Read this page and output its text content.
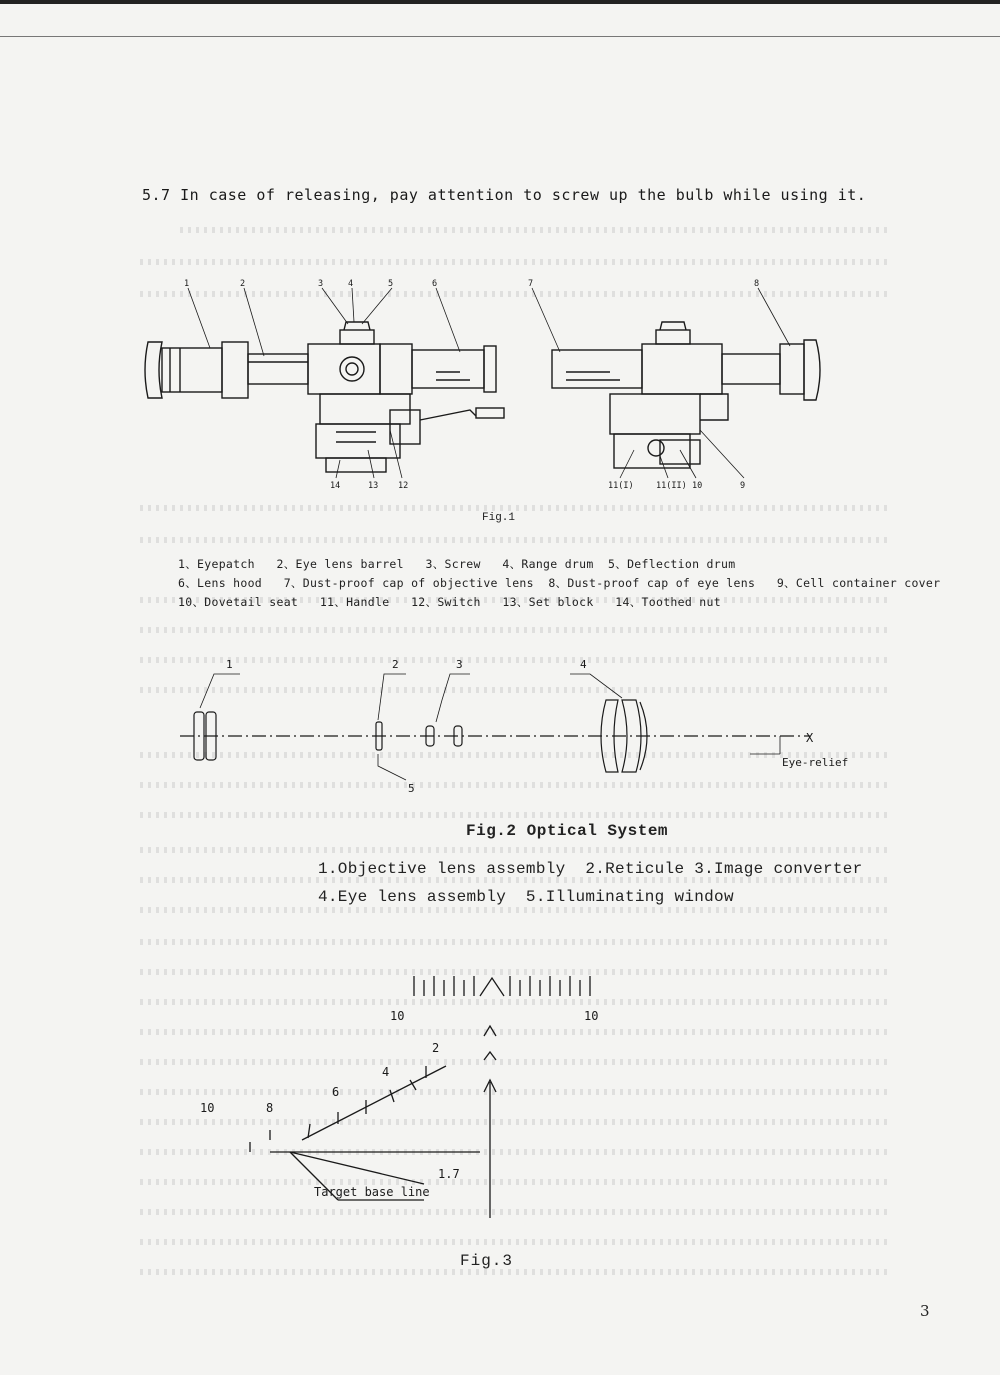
5.7 In case of releasing, pay attention to screw up the bulb while using it.
1	2	3	4	5	6	7	8
9
10
11(I)	11(II)
12
13
14
Fig.1
1、Eyepatch   2、Eye lens barrel   3、Screw   4、Range drum  5、Deflection drum
6、Lens hood   7、Dust-proof cap of objective lens  8、Dust-proof cap of eye lens   9、Cell container cover
10、Dovetail seat   11、Handle   12、Switch   13、Set block   14、Toothed nut
1	2	3	4
5
X
Eye-relief
Fig.2 Optical System
1.Objective lens assembly  2.Reticule 3.Image converter
4.Eye lens assembly  5.Illuminating window
10	10
2
4
6
8
10
1.7
Target base line
Fig.3
3
